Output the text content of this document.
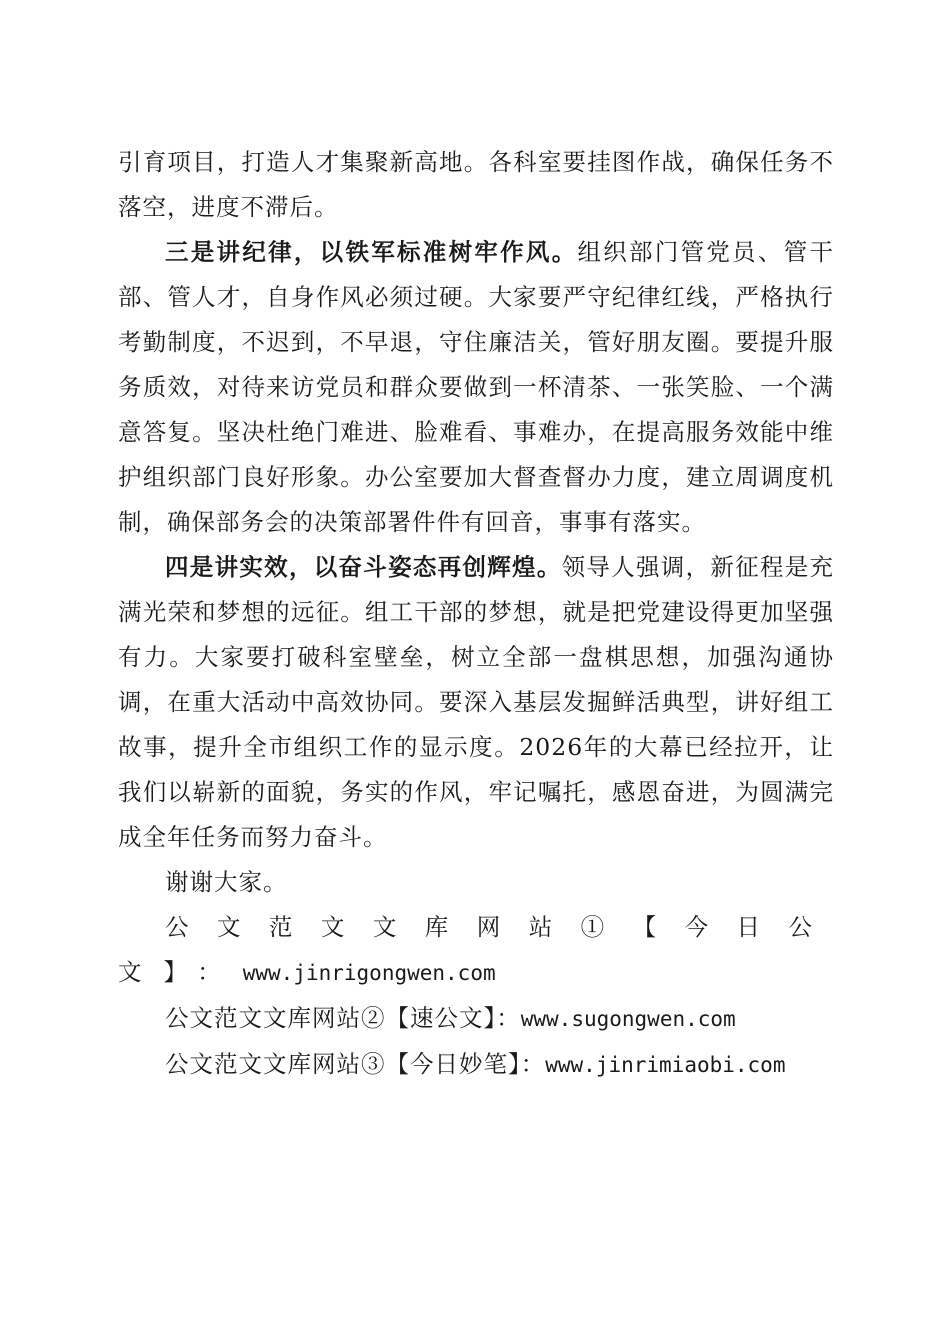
引育项目，打造人才集聚新高地。各科室要挂图作战，确保任务不落空，进度不滞后。

三是讲纪律，以铁军标准树牢作风。组织部门管党员、管干部、管人才，自身作风必须过硬。大家要严守纪律红线，严格执行考勤制度，不迟到，不早退，守住廉洁关，管好朋友圈。要提升服务质效，对待来访党员和群众要做到一杯清茶、一张笑脸、一个满意答复。坚决杜绝门难进、脸难看、事难办，在提高服务效能中维护组织部门良好形象。办公室要加大督查督办力度，建立周调度机制，确保部务会的决策部署件件有回音，事事有落实。

四是讲实效，以奋斗姿态再创辉煌。领导人强调，新征程是充满光荣和梦想的远征。组工干部的梦想，就是把党建设得更加坚强有力。大家要打破科室壁垒，树立全部一盘棋思想，加强沟通协调，在重大活动中高效协同。要深入基层发掘鲜活典型，讲好组工故事，提升全市组织工作的显示度。2026年的大幕已经拉开，让我们以崭新的面貌，务实的作风，牢记嘱托，感恩奋进，为圆满完成全年任务而努力奋斗。

谢谢大家。

公文范文文库网站①【今日公文】：www.jinrigongwen.com

公文范文文库网站②【速公文】：www.sugongwen.com

公文范文文库网站③【今日妙笔】：www.jinrimiaobi.com
